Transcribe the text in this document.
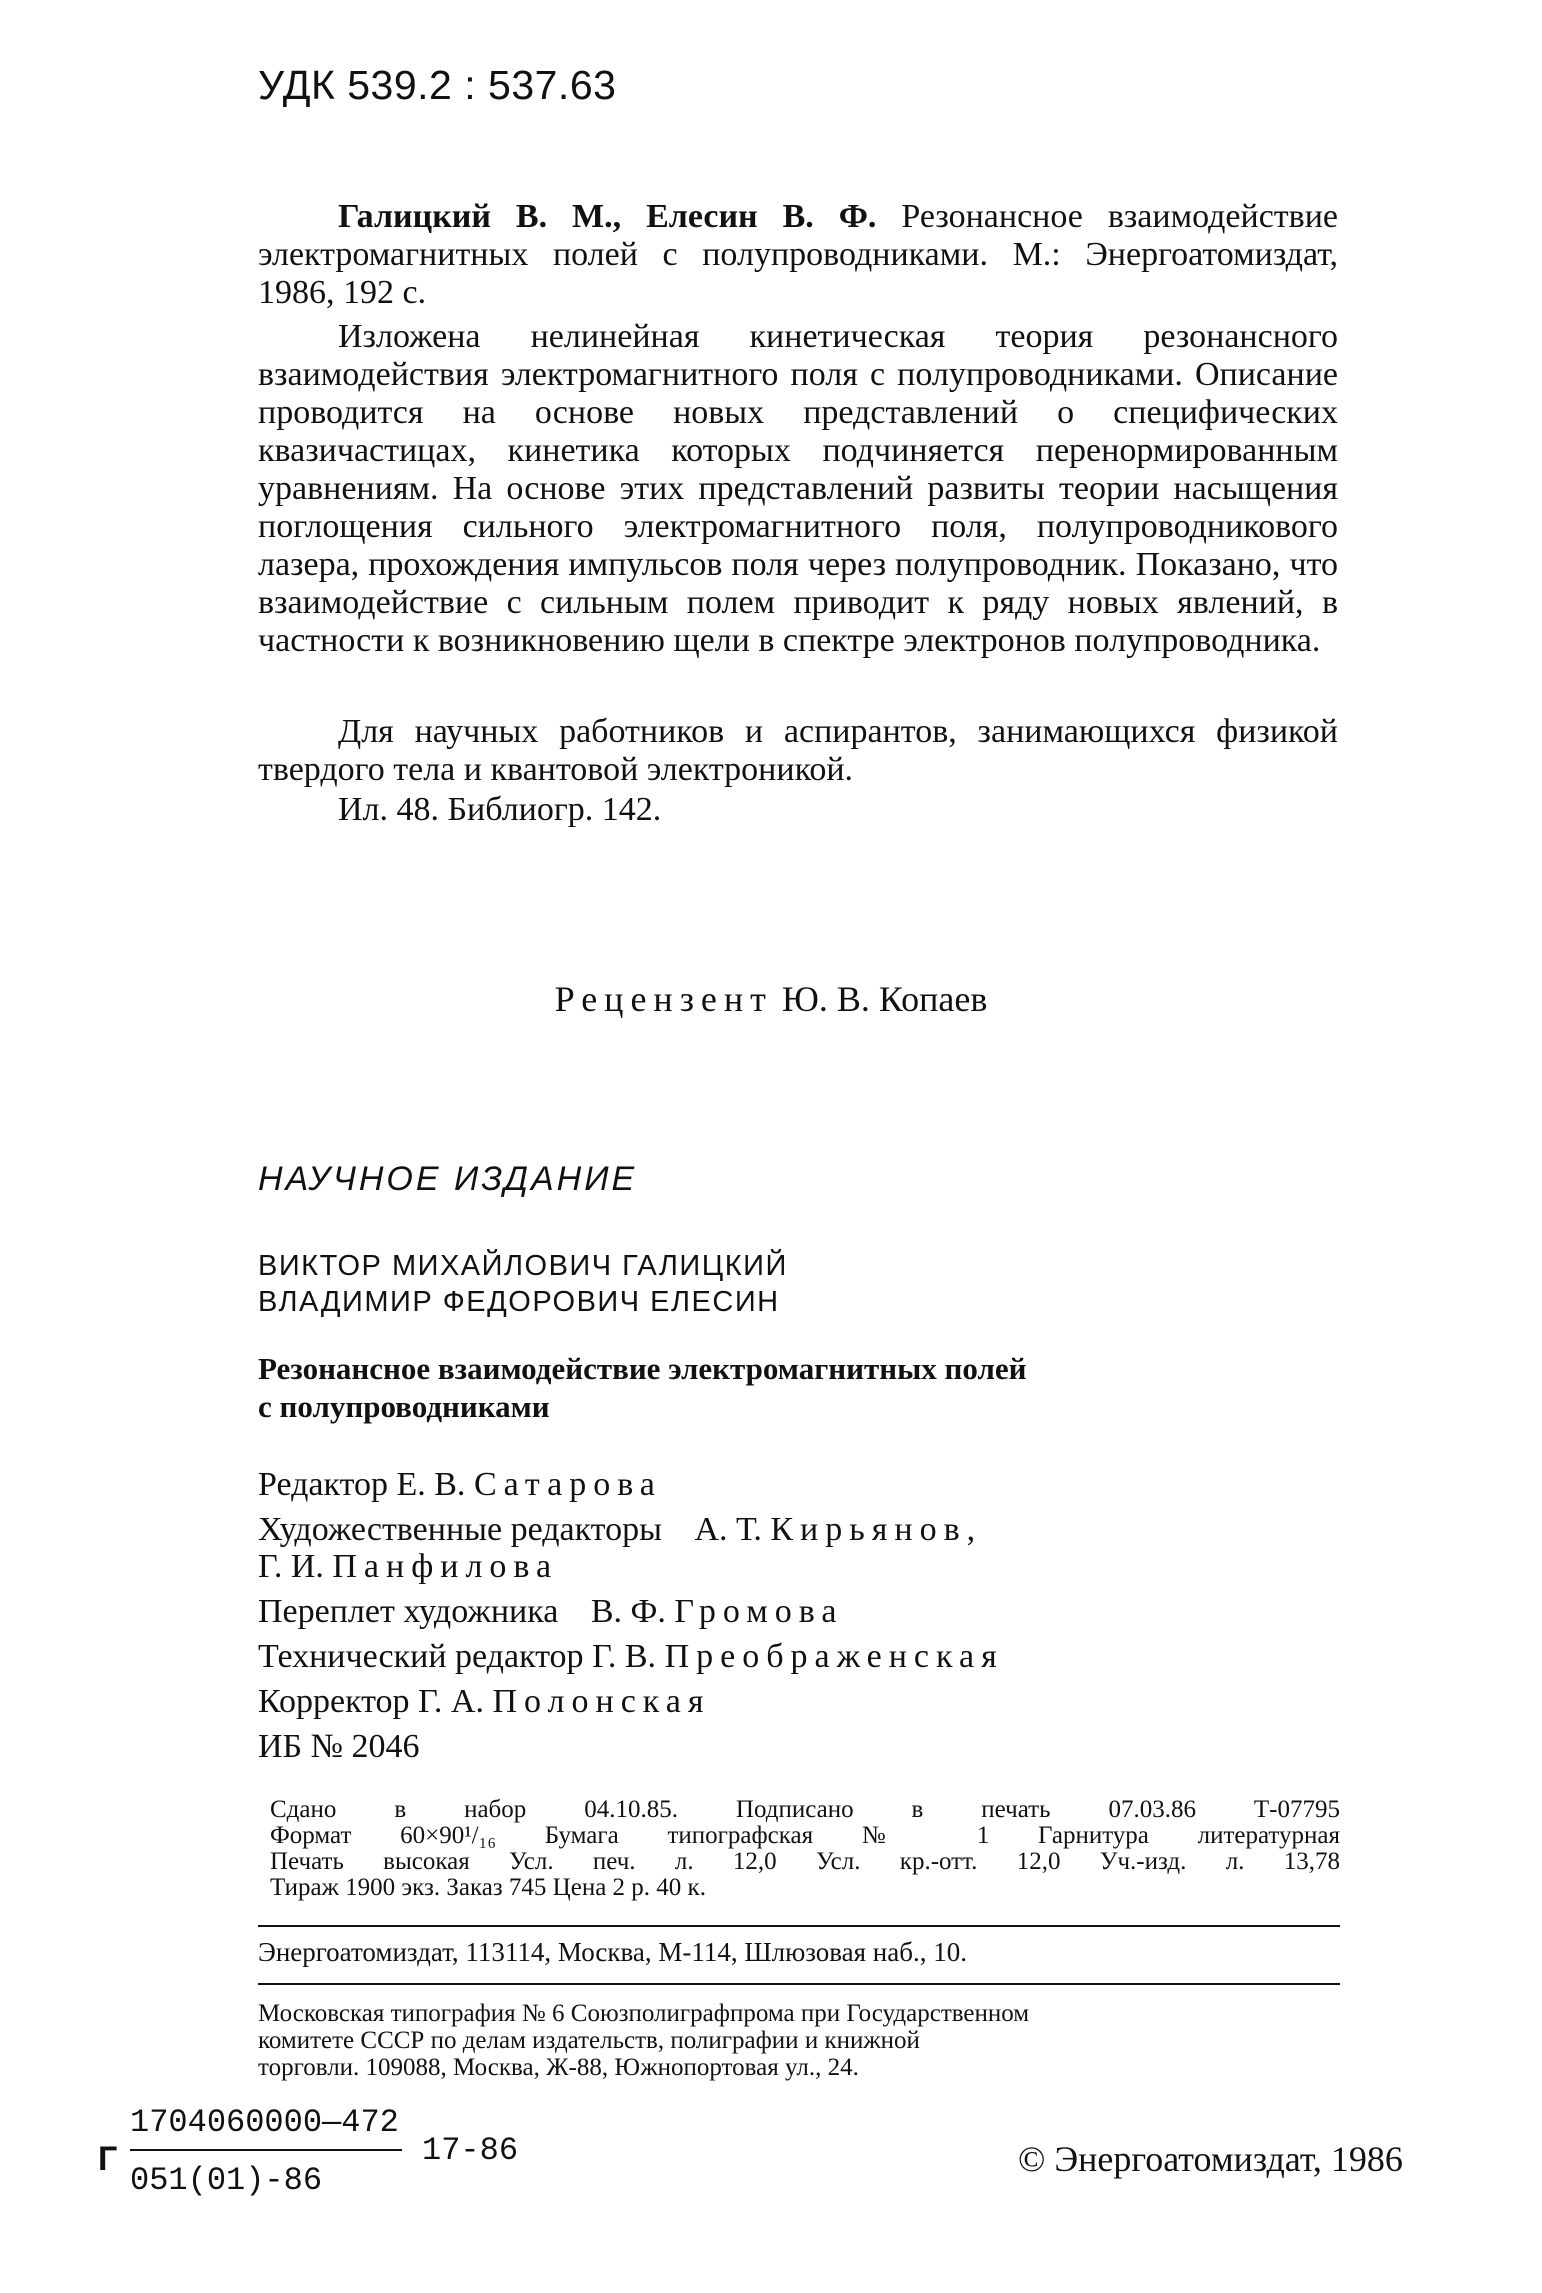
УДК 539.2 : 537.63
Галицкий В. М., Елесин В. Ф. Резонансное взаимодействие электромагнитных полей с полупроводниками. М.: Энергоатомиздат, 1986, 192 с.
Изложена нелинейная кинетическая теория резонансного взаимодействия электромагнитного поля с полупроводниками. Описание проводится на основе новых представлений о специфических квазичастицах, кинетика которых подчиняется перенормированным уравнениям. На основе этих представлений развиты теории насыщения поглощения сильного электромагнитного поля, полупроводникового лазера, прохождения импульсов поля через полупроводник. Показано, что взаимодействие с сильным полем приводит к ряду новых явлений, в частности к возникновению щели в спектре электронов полупроводника.
Для научных работников и аспирантов, занимающихся физикой твердого тела и квантовой электроникой.
Ил. 48. Библиогр. 142.
Рецензент Ю. В. Копаев
НАУЧНОЕ ИЗДАНИЕ
ВИКТОР МИХАЙЛОВИЧ ГАЛИЦКИЙ
ВЛАДИМИР ФЕДОРОВИЧ ЕЛЕСИН
Резонансное взаимодействие электромагнитных полей
с полупроводниками
Редактор Е. В. Сатарова
Художественные редакторы А. Т. Кирьянов,
Г. И. Панфилова
Переплет художника В. Ф. Громова
Технический редактор Г. В. Преображенская
Корректор Г. А. Полонская
ИБ № 2046
Сдано в набор 04.10.85. Подписано в печать 07.03.86 Т-07795
Формат 60×90¹/₁₆ Бумага типографская № 1 Гарнитура литературная
Печать высокая Усл. печ. л. 12,0 Усл. кр.-отт. 12,0 Уч.-изд. л. 13,78
Тираж 1900 экз. Заказ 745 Цена 2 р. 40 к.
Энергоатомиздат, 113114, Москва, М-114, Шлюзовая наб., 10.
Московская типография № 6 Союзполиграфпрома при Государственном
комитете СССР по делам издательств, полиграфии и книжной
торговли. 109088, Москва, Ж-88, Южнопортовая ул., 24.
Г
1704060000—472
051(01)-86
17-86	© Энергоатомиздат, 1986
